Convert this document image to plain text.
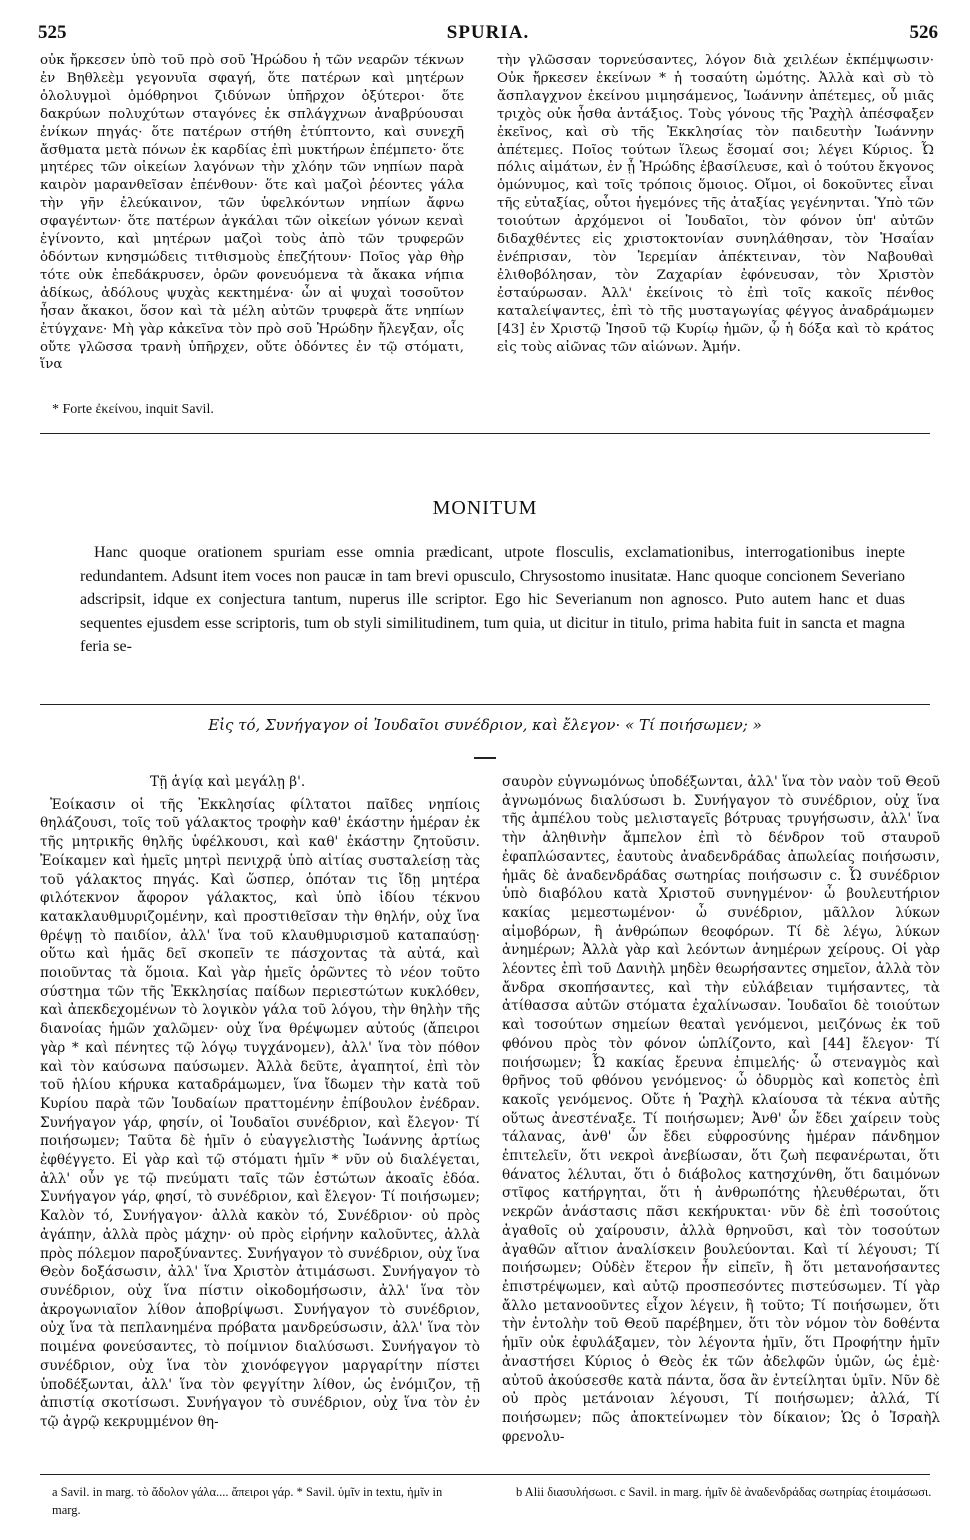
525	SPURIA.	526

οὐκ ἤρκεσεν ὑπὸ τοῦ πρὸ σοῦ Ἡρώδου ἡ τῶν νεαρῶν τέκνων ἐν Βηθλεὲμ γεγονυῖα σφαγή, ὅτε πατέρων καὶ μητέρων ὀλολυγμοὶ ὁμόθρηνοι ζιδύνων ὑπῆρχον ὀξύτεροι· ὅτε δακρύων πολυχύτων σταγόνες ἐκ σπλάγχνων ἀναβρύουσαι ἐνίκων πηγάς· ὅτε πατέρων στήθη ἐτύπτοντο, καὶ συνεχῆ ἄσθματα μετὰ πόνων ἐκ καρδίας ἐπὶ μυκτήρων ἐπέμπετο· ὅτε μητέρες τῶν οἰκείων λαγόνων τὴν χλόην τῶν νηπίων παρὰ καιρὸν μαρανθεῖσαν ἐπένθουν· ὅτε καὶ μαζοὶ ῥέοντες γάλα τὴν γῆν ἐλεύκαινον, τῶν ὑφελκόντων νηπίων ἄφνω σφαγέντων· ὅτε πατέρων ἀγκάλαι τῶν οἰκείων γόνων κεναὶ ἐγίνοντο, καὶ μητέρων μαζοὶ τοὺς ἀπὸ τῶν τρυφερῶν ὀδόντων κνησμώδεις τιτθισμοὺς ἐπεζήτουν· Ποῖος γὰρ θὴρ τότε οὐκ ἐπεδάκρυσεν, ὁρῶν φονευόμενα τὰ ἄκακα νήπια ἀδίκως, ἀδόλους ψυχὰς κεκτημένα· ὧν αἱ ψυχαὶ τοσοῦτον ἦσαν ἄκακοι, ὅσον καὶ τὰ μέλη αὐτῶν τρυφερὰ ἅτε νηπίων ἐτύγχανε· Μὴ γὰρ κἀκεῖνα τὸν πρὸ σοῦ Ἡρώδην ἤλεγξαν, οἷς οὔτε γλῶσσα τρανὴ ὑπῆρχεν, οὔτε ὀδόντες ἐν τῷ στόματι, ἵνα

τὴν γλῶσσαν τορνεύσαντες, λόγον διὰ χειλέων ἐκπέμψωσιν· Οὐκ ἤρκεσεν ἐκείνων * ἡ τοσαύτη ὠμότης. Ἀλλὰ καὶ σὺ τὸ ἄσπλαγχνον ἐκείνου μιμησάμενος, Ἰωάννην ἀπέτεμες, οὗ μιᾶς τριχὸς οὐκ ἦσθα ἀντάξιος. Τοὺς γόνους τῆς Ῥαχὴλ ἀπέσφαξεν ἐκεῖνος, καὶ σὺ τῆς Ἐκκλησίας τὸν παιδευτὴν Ἰωάννην ἀπέτεμες. Ποῖος τούτων ἵλεως ἔσομαί σοι; λέγει Κύριος. Ὦ πόλις αἱμάτων, ἐν ᾗ Ἡρώδης ἐβασίλευσε, καὶ ὁ τούτου ἔκγονος ὁμώνυμος, καὶ τοῖς τρόποις ὅμοιος. Οἴμοι, οἱ δοκοῦντες εἶναι τῆς εὐταξίας, οὗτοι ἡγεμόνες τῆς ἀταξίας γεγένηνται. Ὑπὸ τῶν τοιούτων ἀρχόμενοι οἱ Ἰουδαῖοι, τὸν φόνον ὑπ' αὐτῶν διδαχθέντες εἰς χριστοκτονίαν συνηλάθησαν, τὸν Ἡσαΐαν ἐνέπρισαν, τὸν Ἱερεμίαν ἀπέκτειναν, τὸν Ναβουθαὶ ἐλιθοβόλησαν, τὸν Ζαχαρίαν ἐφόνευσαν, τὸν Χριστὸν ἐσταύρωσαν. Ἀλλ' ἐκείνοις τὸ ἐπὶ τοῖς κακοῖς πένθος καταλείψαντες, ἐπὶ τὸ τῆς μυσταγωγίας φέγγος ἀναδράμωμεν [43] ἐν Χριστῷ Ἰησοῦ τῷ Κυρίῳ ἡμῶν, ᾧ ἡ δόξα καὶ τὸ κράτος εἰς τοὺς αἰῶνας τῶν αἰώνων. Ἀμήν.

* Forte ἐκείνου, inquit Savil.
MONITUM

Hanc quoque orationem spuriam esse omnia prædicant, utpote flosculis, exclamationibus, interrogationibus inepte redundantem. Adsunt item voces non paucæ in tam brevi opusculo, Chrysostomo inusitatæ. Hanc quoque concionem Severiano adscripsit, idque ex conjectura tantum, nuperus ille scriptor. Ego hic Severianum non agnosco. Puto autem hanc et duas sequentes ejusdem esse scriptoris, tum ob styli similitudinem, tum quia, ut dicitur in titulo, prima habita fuit in sancta et magna feria se-

Εἰς τό, Συνήγαγον οἱ Ἰουδαῖοι συνέδριον, καὶ ἔλεγον· « Τί ποιήσωμεν; »

Τῇ ἁγίᾳ καὶ μεγάλῃ β'.

Ἐοίκασιν οἱ τῆς Ἐκκλησίας φίλτατοι παῖδες νηπίοις θηλάζουσι, τοῖς τοῦ γάλακτος τροφὴν καθ' ἑκάστην ἡμέραν ἐκ τῆς μητρικῆς θηλῆς ὑφέλκουσι, καὶ καθ' ἑκάστην ζητοῦσιν. Ἐοίκαμεν καὶ ἡμεῖς μητρὶ πενιχρᾷ ὑπὸ αἰτίας συσταλείσῃ τὰς τοῦ γάλακτος πηγάς. Καὶ ὥσπερ, ὁπόταν τις ἴδῃ μητέρα φιλότεκνον ἄφορον γάλακτος, καὶ ὑπὸ ἰδίου τέκνου κατακλαυθμυριζομένην, καὶ προστιθεῖσαν τὴν θηλήν, οὐχ ἵνα θρέψῃ τὸ παιδίον, ἀλλ' ἵνα τοῦ κλαυθμυρισμοῦ καταπαύσῃ· οὕτω καὶ ἡμᾶς δεῖ σκοπεῖν τε πάσχοντας τὰ αὐτά, καὶ ποιοῦντας τὰ ὅμοια. Καὶ γὰρ ἡμεῖς ὁρῶντες τὸ νέον τοῦτο σύστημα τῶν τῆς Ἐκκλησίας παίδων περιεστώτων κυκλόθεν, καὶ ἀπεκδεχομένων τὸ λογικὸν γάλα τοῦ λόγου, τὴν θηλὴν τῆς διανοίας ἡμῶν χαλῶμεν· οὐχ ἵνα θρέψωμεν αὐτούς (ἄπειροι γὰρ * καὶ πένητες τῷ λόγῳ τυγχάνομεν), ἀλλ' ἵνα τὸν πόθον καὶ τὸν καύσωνα παύσωμεν. Ἀλλὰ δεῦτε, ἀγαπητοί, ἐπὶ τὸν τοῦ ἡλίου κήρυκα καταδράμωμεν, ἵνα ἴδωμεν τὴν κατὰ τοῦ Κυρίου παρὰ τῶν Ἰουδαίων πραττομένην ἐπίβουλον ἐνέδραν. Συνήγαγον γάρ, φησίν, οἱ Ἰουδαῖοι συνέδριον, καὶ ἔλεγον· Τί ποιήσωμεν; Ταῦτα δὲ ἡμῖν ὁ εὐαγγελιστὴς Ἰωάννης ἀρτίως ἐφθέγγετο. Εἰ γὰρ καὶ τῷ στόματι ἡμῖν * νῦν οὐ διαλέγεται, ἀλλ' οὖν γε τῷ πνεύματι ταῖς τῶν ἐστώτων ἀκοαῖς ἐδόα. Συνήγαγον γάρ, φησί, τὸ συνέδριον, καὶ ἔλεγον· Τί ποιήσωμεν; Καλὸν τό, Συνήγαγον· ἀλλὰ κακὸν τό, Συνέδριον· οὐ πρὸς ἀγάπην, ἀλλὰ πρὸς μάχην· οὐ πρὸς εἰρήνην καλοῦντες, ἀλλὰ πρὸς πόλεμον παροξύναντες. Συνήγαγον τὸ συνέδριον, οὐχ ἵνα Θεὸν δοξάσωσιν, ἀλλ' ἵνα Χριστὸν ἀτιμάσωσι. Συνήγαγον τὸ συνέδριον, οὐχ ἵνα πίστιν οἰκοδομήσωσιν, ἀλλ' ἵνα τὸν ἀκρογωνιαῖον λίθον ἀποβρίψωσι. Συνήγαγον τὸ συνέδριον, οὐχ ἵνα τὰ πεπλανημένα πρόβατα μανδρεύσωσιν, ἀλλ' ἵνα τὸν ποιμένα φονεύσαντες, τὸ ποίμνιον διαλύσωσι. Συνήγαγον τὸ συνέδριον, οὐχ ἵνα τὸν χιονόφεγγον μαργαρίτην πίστει ὑποδέξωνται, ἀλλ' ἵνα τὸν φεγγίτην λίθον, ὡς ἐνόμιζον, τῇ ἀπιστίᾳ σκοτίσωσι. Συνήγαγον τὸ συνέδριον, οὐχ ἵνα τὸν ἐν τῷ ἀγρῷ κεκρυμμένον θη-

σαυρὸν εὐγνωμόνως ὑποδέξωνται, ἀλλ' ἵνα τὸν ναὸν τοῦ Θεοῦ ἀγνωμόνως διαλύσωσι b. Συνήγαγον τὸ συνέδριον, οὐχ ἵνα τῆς ἀμπέλου τοὺς μελισταγεῖς βότρυας τρυγήσωσιν, ἀλλ' ἵνα τὴν ἀληθινὴν ἄμπελον ἐπὶ τὸ δένδρον τοῦ σταυροῦ ἐφαπλώσαντες, ἑαυτοὺς ἀναδενδράδας ἀπωλείας ποιήσωσιν, ἡμᾶς δὲ ἀναδενδράδας σωτηρίας ποιήσωσιν c. Ὦ συνέδριον ὑπὸ διαβόλου κατὰ Χριστοῦ συνηγμένον· ὦ βουλευτήριον κακίας μεμεστωμένον· ὦ συνέδριον, μᾶλλον λύκων αἱμοβόρων, ἢ ἀνθρώπων θεοφόρων. Τί δὲ λέγω, λύκων ἀνημέρων; Ἀλλὰ γὰρ καὶ λεόντων ἀνημέρων χείρους. Οἱ γὰρ λέοντες ἐπὶ τοῦ Δανιὴλ μηδὲν θεωρήσαντες σημεῖον, ἀλλὰ τὸν ἄνδρα σκοπήσαντες, καὶ τὴν εὐλάβειαν τιμήσαντες, τὰ ἀτίθασσα αὐτῶν στόματα ἐχαλίνωσαν. Ἰουδαῖοι δὲ τοιούτων καὶ τοσούτων σημείων θεαταὶ γενόμενοι, μειζόνως ἐκ τοῦ φθόνου πρὸς τὸν φόνον ὡπλίζοντο, καὶ [44] ἔλεγον· Τί ποιήσωμεν; Ὦ κακίας ἔρευνα ἐπιμελής· ὦ στεναγμὸς καὶ θρῆνος τοῦ φθόνου γενόμενος· ὦ ὀδυρμὸς καὶ κοπετὸς ἐπὶ κακοῖς γενόμενος. Οὔτε ἡ Ῥαχὴλ κλαίουσα τὰ τέκνα αὐτῆς οὕτως ἀνεστέναξε. Τί ποιήσωμεν; Ἀνθ' ὧν ἔδει χαίρειν τοὺς τάλανας, ἀνθ' ὧν ἔδει εὐφροσύνης ἡμέραν πάνδημον ἐπιτελεῖν, ὅτι νεκροὶ ἀνεβίωσαν, ὅτι ζωὴ πεφανέρωται, ὅτι θάνατος λέλυται, ὅτι ὁ διάβολος κατησχύνθη, ὅτι δαιμόνων στῖφος κατήργηται, ὅτι ἡ ἀνθρωπότης ἠλευθέρωται, ὅτι νεκρῶν ἀνάστασις πᾶσι κεκήρυκται· νῦν δὲ ἐπὶ τοσούτοις ἀγαθοῖς οὐ χαίρουσιν, ἀλλὰ θρηνοῦσι, καὶ τὸν τοσούτων ἀγαθῶν αἴτιον ἀναλίσκειν βουλεύονται. Καὶ τί λέγουσι; Τί ποιήσωμεν; Οὐδὲν ἕτερον ἦν εἰπεῖν, ἢ ὅτι μετανοήσαντες ἐπιστρέψωμεν, καὶ αὐτῷ προσπεσόντες πιστεύσωμεν. Τί γὰρ ἄλλο μετανοοῦντες εἶχον λέγειν, ἢ τοῦτο; Τί ποιήσωμεν, ὅτι τὴν ἐντολὴν τοῦ Θεοῦ παρέβημεν, ὅτι τὸν νόμον τὸν δοθέντα ἡμῖν οὐκ ἐφυλάξαμεν, τὸν λέγοντα ἡμῖν, ὅτι Προφήτην ἡμῖν ἀναστήσει Κύριος ὁ Θεὸς ἐκ τῶν ἀδελφῶν ὑμῶν, ὡς ἐμὲ· αὐτοῦ ἀκούσεσθε κατὰ πάντα, ὅσα ἂν ἐντείληται ὑμῖν. Νῦν δὲ οὐ πρὸς μετάνοιαν λέγουσι, Τί ποιήσωμεν; ἀλλά, Τί ποιήσωμεν; πῶς ἀποκτείνωμεν τὸν δίκαιον; Ὡς ὁ Ἰσραὴλ φρενολυ-

a Savil. in marg. τὸ ἄδολον γάλα.... ἄπειροι γάρ. * Savil. ὑμῖν in textu, ἡμῖν in marg.
b Alii διασυλήσωσι. c Savil. in marg. ἡμῖν δὲ ἀναδενδράδας σωτηρίας ἑτοιμάσωσι.
